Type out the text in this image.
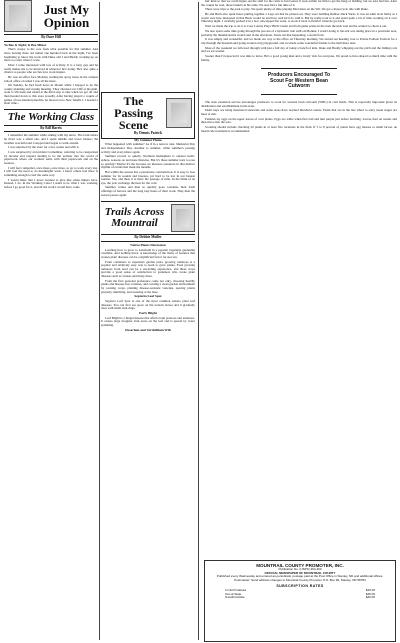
Just My Opinion
By Dave Hill

To Bee & Sight; It Bee Minor

That's creepy to the core from what possible for this summer. And since leaving three old tunnel one hundred back in the night, I've been beginning to know the work with Duke and I and Buddy working up on more too after where I want.

Most I come interested with lots of activity. It is a busy guy and he really makes me to be involved in whatever he's doing. He's also quite a charter so people who are fun love work inspire.

He was an office face Monday reading his spray notes in the campus school office on when I was all the more.

On Sunday, he had fresh news in Mount while I hopped to be the county planning and zoning meeting. They checked out Cliff at the mall, went to Vilcaude and ended at the third stop to take when we got off and then headed down to this store proudly. After having played a couple of games of two-handed pinochle, he moved on to New Smells I. I needed a short time...

The Working Class
By Bill Harris

I remember the summer while talking with my uncle. The farm where he lived was a small one, and I spent middle and lower leisure; the weather was mild and I stopped and began to walk around.

I was surprised by the store for a few weeks and with it.

I was surprised by an incident I remember, referring to be categorized by income and taxpaid dealing to be the pollster into the world of paperwork where our workers settle with their paperwork and on the lookout.

I will feel compelled, once more, once more, to go to work every day. I will feel the need to do meaningful work. I know others feel there is something enough to feel the same way.

I would insist that I never learned to give like when miners have. Instead, I do. In the Working Class! I stand to be what I was working, before I go good for it, and all the work I would have come.

The Passing Scene
By Dennis Patrick

My Summer Home

What happened with summer? As if in a narrow turn. Memorial Day and Independence Day. Another is summer, while summer's passing activity and everywhere again.

Summer proved so quietly. Northern hemisphere is outdoor hemi-sphere, seasons on and none likewise. But it's these summer tests to pass so quickly? Maybe it's the because we measure ourselves in that distinct rhythm of events that mark the months.

But within the season has a passionate contradiction. It is easy to lose summer for its sounds and breezes, yet hard to be lost in our busiest routine. Yes, and then, it is there the passage of time. In the blink of an eye, the year exchange the heat for the cold.

Summer comes and then so quickly goes. Gardens, their fresh offerings of harvest and the long lazy hours of their work. They then the season passes again.

Trails Across Mountrail
By Debbie Muller

Native Plants Discussion

Learning how to grow to transform in a popular vegetable gardening overtime. And nothing more. A knowledge of the many of features that creates plant diseases can be a significant factor for success.

From containers to expansive garden plots, growing tomatoes is a popular and relatively easy way to learn to grow plants. Even growing tomatoes from seed can be a rewarding experience, and these crops provide a good sense of satisfaction to gardeners who create plant diseases such as viruses and many more.

From the first personal preference come not only, choosing healthy plants and disease-free varieties, and creating a clean garden environment by rotating crops, planting disease-resistant varieties, spacing plants properly, mulching, and watering at the base.

Septoria Leaf Spot

Septoria Leaf Spot is one of the most common tomato plant leaf diseases. You can first see spots on the bottom leaves and it gradually rises with small dark rings.

Early Blight

Leaf Blight is a fungal disease that affects both potatoes and tomatoes. It causes large irregular dark areas on the leaf and is spread by water splashing.

Fusarium and Verticillium Wilt

fun' kind so that we could figure out the stuff for the cattle is fun bound. It took awhile for him to get the hang of bidding, but we sure had fun. After the couple he won, those baskets in his arms. We sure had a fun time of it.

There were trips to the park to play. We spent plenty of time playing Mad dates on the Wii. We got a motorcycle ride with Duke.

He and Buck also spent hours putting together a Lego set that he picked out. They were building Rubber Duck Yarns. It was an adult level build, so I wasn't sure how interested in that Buck would be and how well he'd do with it. But he really took to it and spent quite a bit of time working on it over Thursday night. I carefully packed it in a box, unwrapped his work, to stock it back to finish it when he got back.

Well we made the trip to do it to Cass County Plays' Birth Center and from game prizes in the barn the kids won and he wanted to check it out.

We also spent some time going through the process of a hydraulic ride with old Bonnie. I wasn't doing it, his exit was taking place in a particular area, probably the thunderstorms would start in the afternoon. Turns out that happening, a storm front.

It was simply and wonderful, and we made our way to the office on Thursday morning. We started out heading over to Prairie Pothole Festival for a trip through the museum and going around a big playground, and we made some wonderful friends to the mall there later.

Most of the weekend we followed through with just a full day of being a bunch of kids. Duke and Buddy whipping out the pitch and the fishing rods and we sat around.

Sooner than I'd expected it was time to leave. He's a good young man and a lovely visit for everyone. I'm proud to have shared so much time with the family.

Producers Encouraged To Scout For Western Bean Cutworm

The state extension service encourages producers to scout for western bean cutworm (WBC) in corn fields. This is especially important given its distribution and establishment in the state.

Moth traps are being monitored statewide and some areas have reached threshold counts. Fields that are in the late whorl to early tassel stages are most at risk.

Females lay eggs on the upper leaves of corn plants. Eggs are white when first laid and turn purple just before hatching. Larvae feed on tassels and then move into the ears.

Scouting should include checking 20 plants in at least five locations in the field. If 5 to 8 percent of plants have egg masses or small larvae, an insecticide treatment is recommended.

MOUNTRAIL COUNTY PROMOTER, INC.
Publication No. (USPS) 364-460
OFFICIAL NEWSPAPER OF MOUNTRAIL COUNTY
Published every Wednesday and entered as periodicals, postage paid at the Post Office in Stanley, ND and additional offices.
Postmaster: Send address changes to Mountrail County Promoter, P.O. Box 99, Stanley, ND 58784
SUBSCRIPTION RATES
In North Dakota	$40.00
Out-of-State	$45.00
Snowbird Rate	$40.00
